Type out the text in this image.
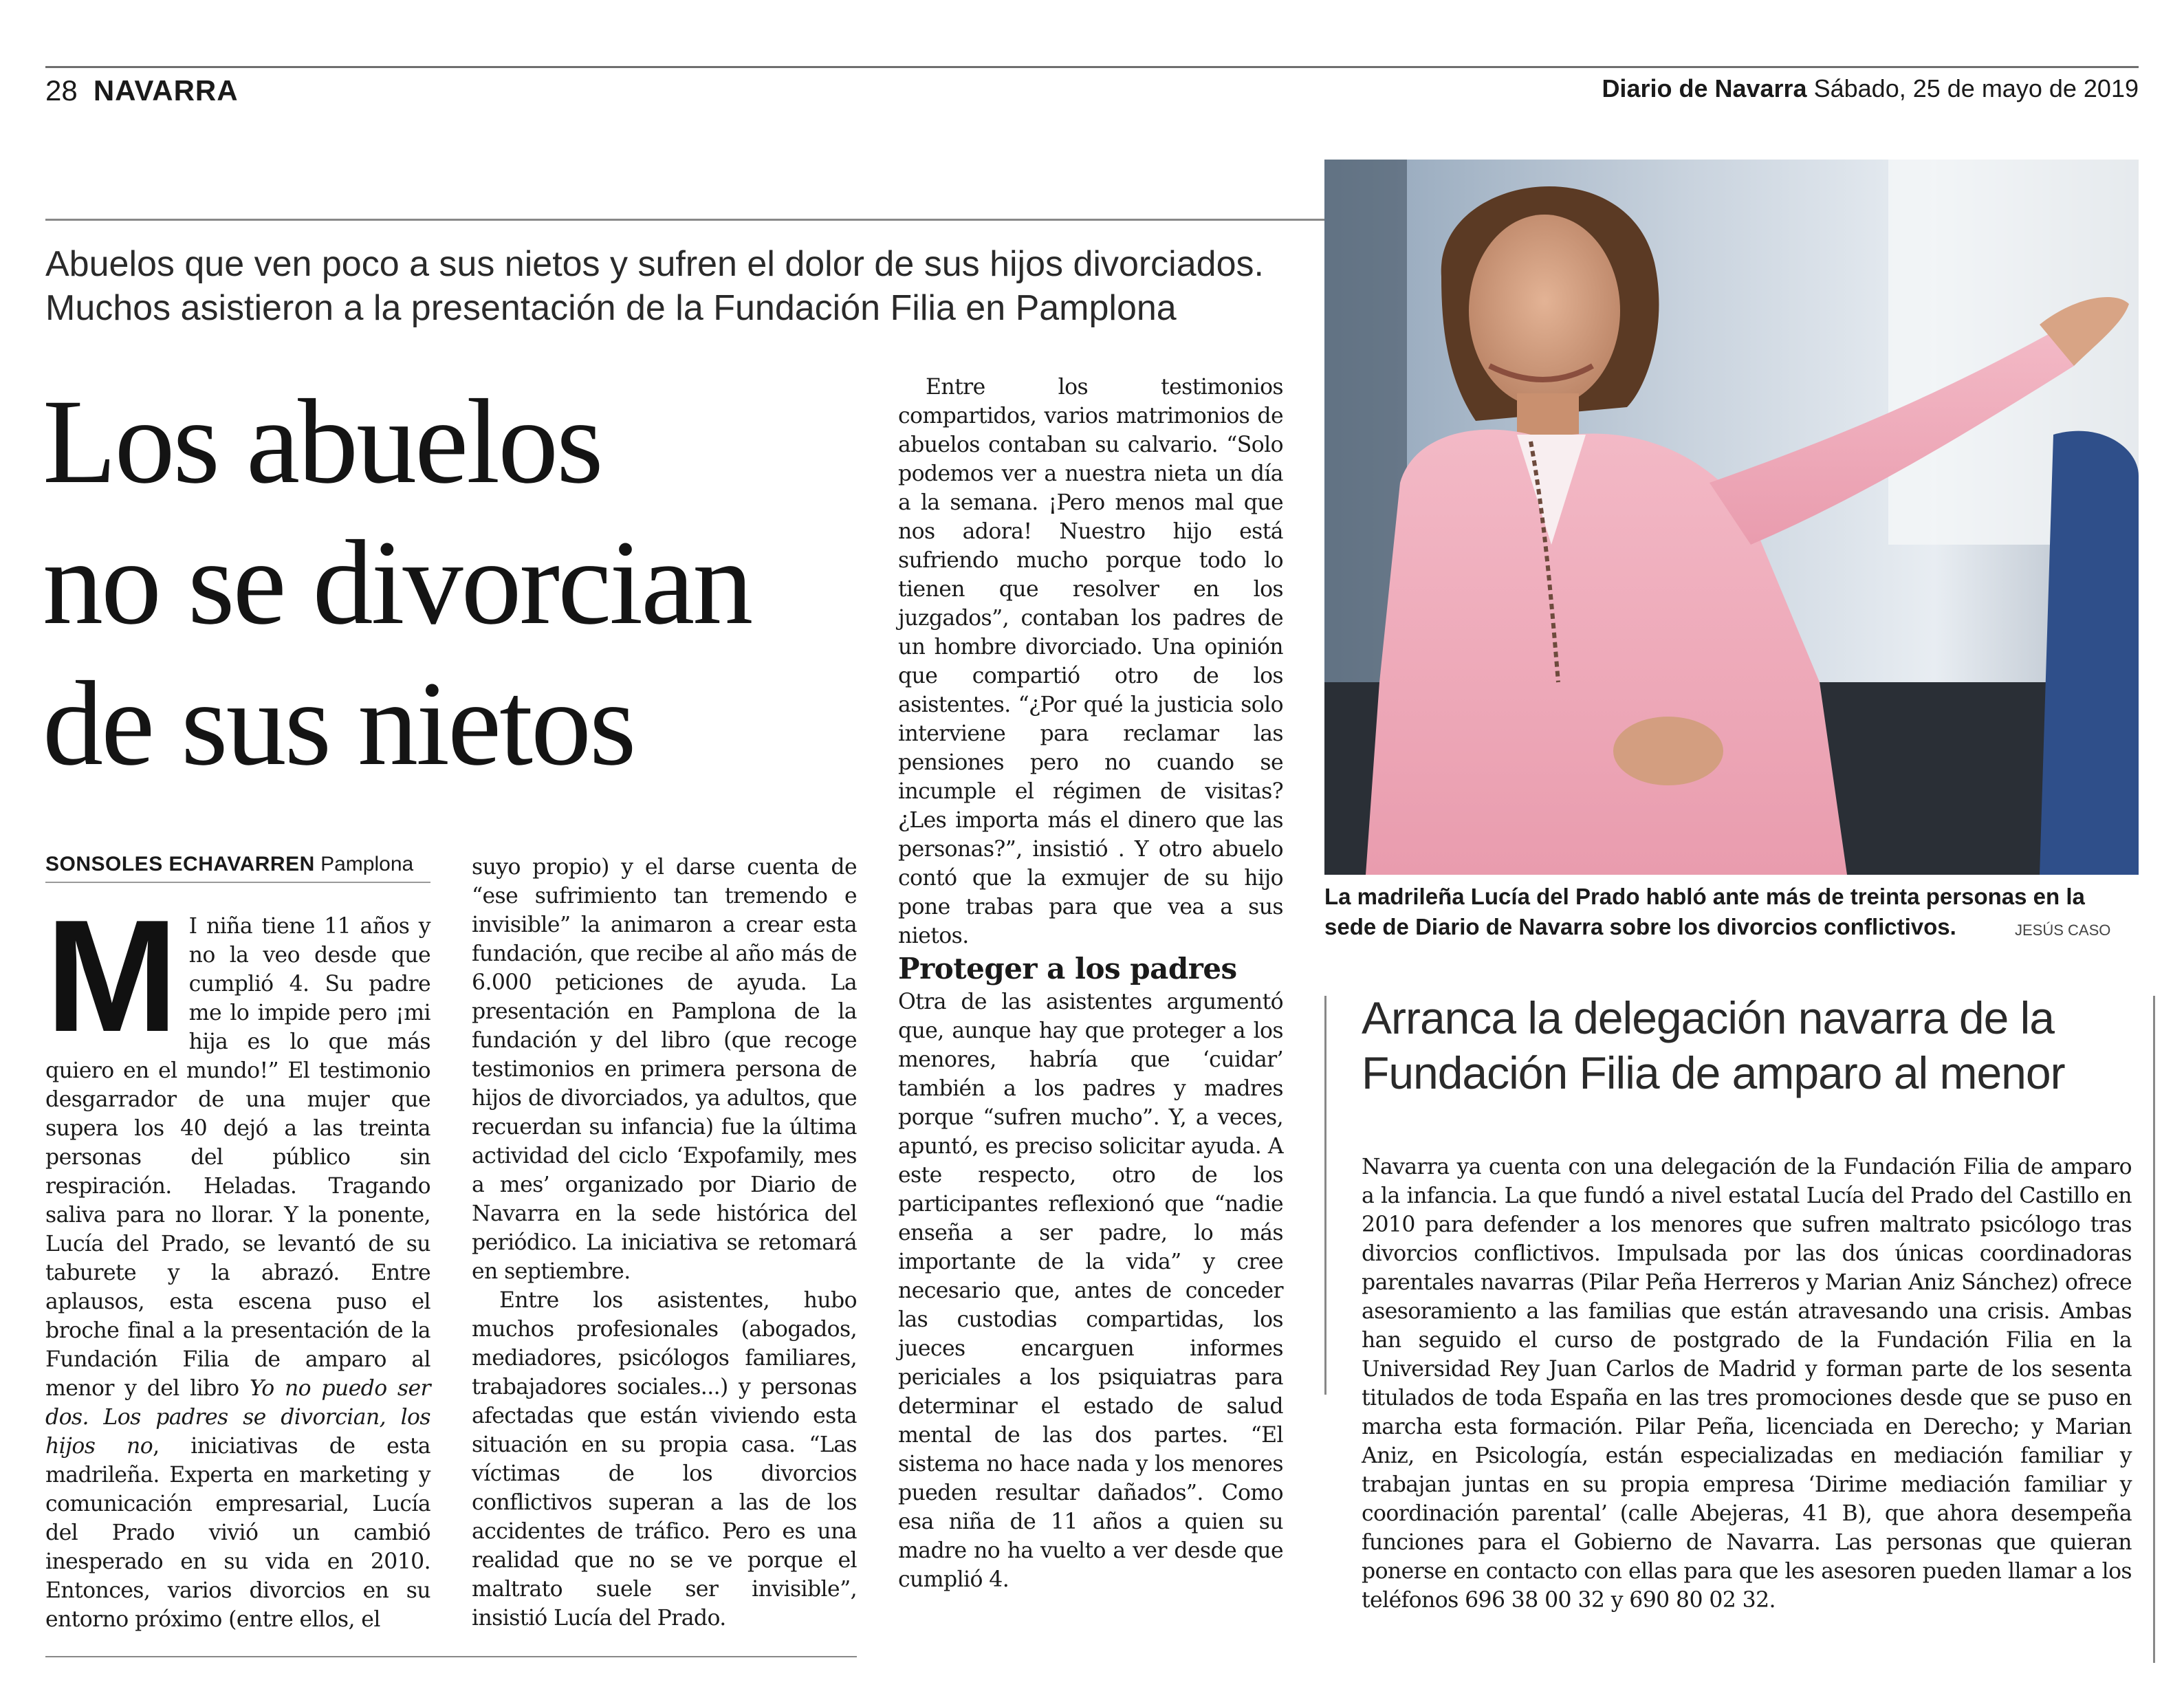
28 NAVARRA	Diario de Navarra Sábado, 25 de mayo de 2019
Abuelos que ven poco a sus nietos y sufren el dolor de sus hijos divorciados.
Muchos asistieron a la presentación de la Fundación Filia en Pamplona
Los abuelos
no se divorcian
de sus nietos
SONSOLES ECHAVARREN Pamplona

M I niña tiene 11 años y no la veo desde que cumplió 4. Su padre me lo impide pero ¡mi hija es lo que más quiero en el mundo!” El testimonio desgarrador de una mujer que supera los 40 dejó a las treinta personas del público sin respiración. Heladas. Tragando saliva para no llorar. Y la ponente, Lucía del Prado, se levantó de su taburete y la abrazó. Entre aplausos, esta escena puso el broche final a la presentación de la Fundación Filia de amparo al menor y del libro Yo no puedo ser dos. Los padres se divorcian, los hijos no, iniciativas de esta madrileña. Experta en marketing y comunicación empresarial, Lucía del Prado vivió un cambió inesperado en su vida en 2010. Entonces, varios divorcios en su entorno próximo (entre ellos, el

suyo propio) y el darse cuenta de “ese sufrimiento tan tremendo e invisible” la animaron a crear esta fundación, que recibe al año más de 6.000 peticiones de ayuda. La presentación en Pamplona de la fundación y del libro (que recoge testimonios en primera persona de hijos de divorciados, ya adultos, que recuerdan su infancia) fue la última actividad del ciclo ‘Expofamily, mes a mes’ organizado por Diario de Navarra en la sede histórica del periódico. La iniciativa se retomará en septiembre.

Entre los asistentes, hubo muchos profesionales (abogados, mediadores, psicólogos familiares, trabajadores sociales...) y personas afectadas que están viviendo esta situación en su propia casa. “Las víctimas de los divorcios conflictivos superan a las de los accidentes de tráfico. Pero es una realidad que no se ve porque el maltrato suele ser invisible”, insistió Lucía del Prado.

Entre los testimonios compartidos, varios matrimonios de abuelos contaban su calvario. “Solo podemos ver a nuestra nieta un día a la semana. ¡Pero menos mal que nos adora! Nuestro hijo está sufriendo mucho porque todo lo tienen que resolver en los juzgados”, contaban los padres de un hombre divorciado. Una opinión que compartió otro de los asistentes. “¿Por qué la justicia solo interviene para reclamar las pensiones pero no cuando se incumple el régimen de visitas? ¿Les importa más el dinero que las personas?”, insistió . Y otro abuelo contó que la exmujer de su hijo pone trabas para que vea a sus nietos.

Proteger a los padres

Otra de las asistentes argumentó que, aunque hay que proteger a los menores, habría que ‘cuidar’ también a los padres y madres porque “sufren mucho”. Y, a veces, apuntó, es preciso solicitar ayuda. A este respecto, otro de los participantes reflexionó que “nadie enseña a ser padre, lo más importante de la vida” y cree necesario que, antes de conceder las custodias compartidas, los jueces encarguen informes periciales a los psiquiatras para determinar el estado de salud mental de las dos partes. “El sistema no hace nada y los menores pueden resultar dañados”. Como esa niña de 11 años a quien su madre no ha vuelto a ver desde que cumplió 4.

La madrileña Lucía del Prado habló ante más de treinta personas en la sede de Diario de Navarra sobre los divorcios conflictivos.	JESÚS CASO
Arranca la delegación navarra de la Fundación Filia de amparo al menor

Navarra ya cuenta con una delegación de la Fundación Filia de amparo a la infancia. La que fundó a nivel estatal Lucía del Prado del Castillo en 2010 para defender a los menores que sufren maltrato psicólogo tras divorcios conflictivos. Impulsada por las dos únicas coordinadoras parentales navarras (Pilar Peña Herreros y Marian Aniz Sánchez) ofrece asesoramiento a las familias que están atravesando una crisis. Ambas han seguido el curso de postgrado de la Fundación Filia en la Universidad Rey Juan Carlos de Madrid y forman parte de los sesenta titulados de toda España en las tres promociones desde que se puso en marcha esta formación. Pilar Peña, licenciada en Derecho; y Marian Aniz, en Psicología, están especializadas en mediación familiar y trabajan juntas en su propia empresa ‘Dirime mediación familiar y coordinación parental’ (calle Abejeras, 41 B), que ahora desempeña funciones para el Gobierno de Navarra. Las personas que quieran ponerse en contacto con ellas para que les asesoren pueden llamar a los teléfonos 696 38 00 32 y 690 80 02 32.
